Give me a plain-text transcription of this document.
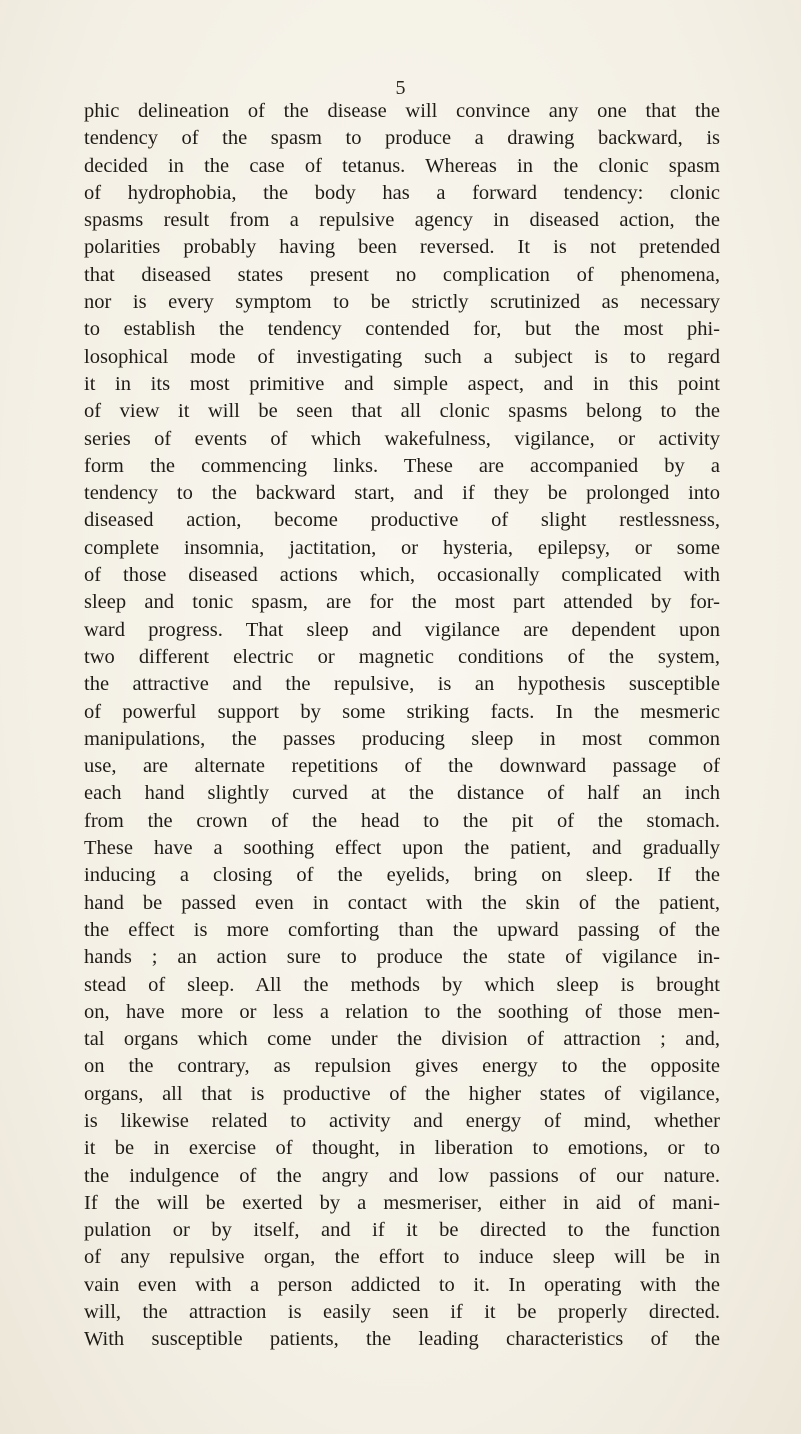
5
phic delineation of the disease will convince any one that the
tendency of the spasm to produce a drawing backward, is
decided in the case of tetanus. Whereas in the clonic spasm
of hydrophobia, the body has a forward tendency: clonic
spasms result from a repulsive agency in diseased action, the
polarities probably having been reversed. It is not pretended
that diseased states present no complication of phenomena,
nor is every symptom to be strictly scrutinized as necessary
to establish the tendency contended for, but the most phi-
losophical mode of investigating such a subject is to regard
it in its most primitive and simple aspect, and in this point
of view it will be seen that all clonic spasms belong to the
series of events of which wakefulness, vigilance, or activity
form the commencing links. These are accompanied by a
tendency to the backward start, and if they be prolonged into
diseased action, become productive of slight restlessness,
complete insomnia, jactitation, or hysteria, epilepsy, or some
of those diseased actions which, occasionally complicated with
sleep and tonic spasm, are for the most part attended by for-
ward progress. That sleep and vigilance are dependent upon
two different electric or magnetic conditions of the system,
the attractive and the repulsive, is an hypothesis susceptible
of powerful support by some striking facts. In the mesmeric
manipulations, the passes producing sleep in most common
use, are alternate repetitions of the downward passage of
each hand slightly curved at the distance of half an inch
from the crown of the head to the pit of the stomach.
These have a soothing effect upon the patient, and gradually
inducing a closing of the eyelids, bring on sleep. If the
hand be passed even in contact with the skin of the patient,
the effect is more comforting than the upward passing of the
hands ; an action sure to produce the state of vigilance in-
stead of sleep. All the methods by which sleep is brought
on, have more or less a relation to the soothing of those men-
tal organs which come under the division of attraction ; and,
on the contrary, as repulsion gives energy to the opposite
organs, all that is productive of the higher states of vigilance,
is likewise related to activity and energy of mind, whether
it be in exercise of thought, in liberation to emotions, or to
the indulgence of the angry and low passions of our nature.
If the will be exerted by a mesmeriser, either in aid of mani-
pulation or by itself, and if it be directed to the function
of any repulsive organ, the effort to induce sleep will be in
vain even with a person addicted to it. In operating with the
will, the attraction is easily seen if it be properly directed.
With susceptible patients, the leading characteristics of the
